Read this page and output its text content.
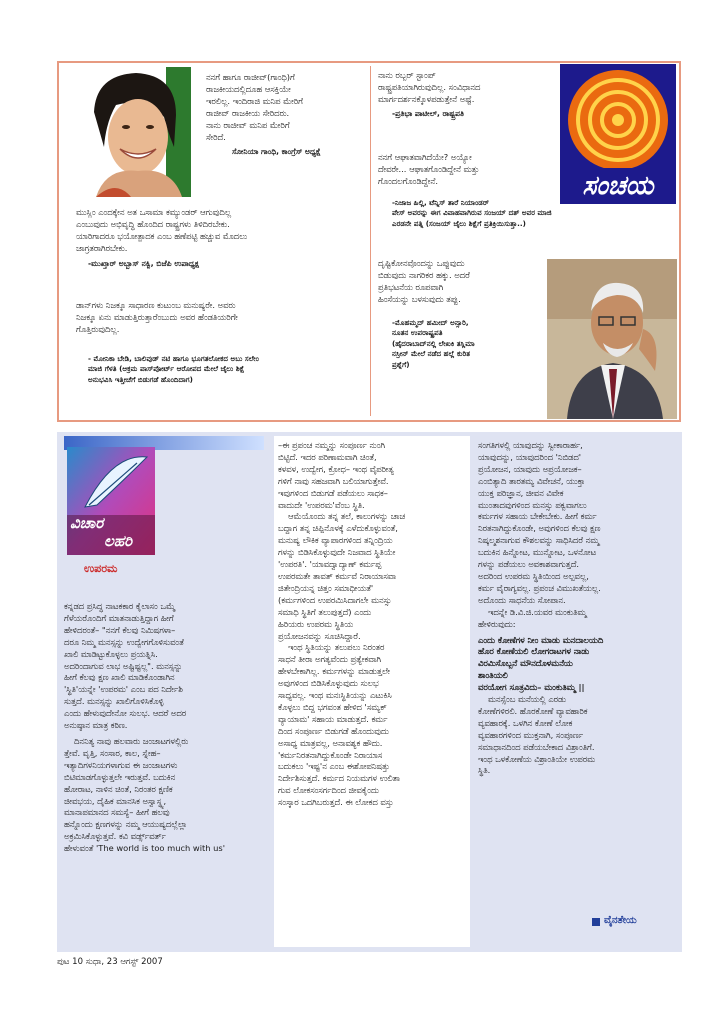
ನನಗೆ ಹಾಗೂ ರಾಜೀವ್(ಗಾಂಧಿ)ಗೆ
ರಾಜಕೀಯದಲ್ಲಿದೂಹ ಆಸಕ್ತಿಯೇ
ಇರಲಿಲ್ಲ. ಇಂದಿರಾಜಿ ಮನಿಪ ಮೇರಿಗೆ
ರಾಜೀವ್ ರಾಜಕೀಯ ಸೇರಿದರು.
ನಾನು ರಾಜೀವ್ ಮನಿಪ ಮೇರಿಗೆ
ಸೇರಿದೆ.
ಸೋನಿಯಾ ಗಾಂಧಿ, ಕಾಂಗ್ರೆಸ್ ಅಧ್ಯಕ್ಷೆ
ಮುಸ್ಲಿಂ ಎಂದಕ್ಕೇನ ಅತ ಒಸಾಮಾ ಕಮ್ಯುಂಡರ್ ಆಗುವುದಿಲ್ಲ
ಎಂಬುವುದು ಅಭಿವೃದ್ಧಿ ಹೊಂದಿದ ರಾಷ್ಟ್ರಗಳು ತಿಳಿದಿರಬೇಕು.
ಯಾರಿಗಾದರೂ ಭಯೋತ್ಪಾದಕ ಎಂಬ ಹಣೆಪಟ್ಟಿ ಹಚ್ಚುವ ಮೊದಲು
ಜಾಗ್ರತರಾಗಿರಬೇಕು.
-ಮುಖ್ತಾರ್ ಅಬ್ಬಾಸ್ ನಕ್ವಿ, ಬಿಜೆಪಿ ಉಪಾಧ್ಯಕ್ಷ
ಡಾನ್‌ಗಳು ನಿಜಕ್ಕೂ ಸಾಧಾರಣ ಕುಟುಂಬ ಮನುಷ್ಯರೇ. ಅವರು
ನಿಜಕ್ಕೂ ಏನು ಮಾಡುತ್ತಿರುತ್ತಾರೆಂಬುದು ಅವರ ಹೆಂಡತಿಯರಿಗೇ
ಗೊತ್ತಿರುವುದಿಲ್ಲ.
- ಮೋನಿಕಾ ಬೇಡಿ, ಬಾಲಿವುಡ್ ನಟಿ ಹಾಗೂ ಭೂಗತಲೋಕದ ಅಬು ಸಲೇಂ
ಮಾಜಿ ಗೆಳತಿ (ಆಕ್ರಮ ಪಾಸ್‌ಪೋರ್ಟ್ ಆರೋಪದ ಮೇಲೆ ಜೈಲು ಶಿಕ್ಷೆ
ಅನುಭವಿಸಿ ಇತ್ತೀಚೆಗೆ ಬಿಡುಗಡೆ ಹೊಂದಿದಾಗ)
ನಾನು ರಬ್ಬರ್ ಸ್ಟಾಂಪ್
ರಾಷ್ಟ್ರಪತಿಯಾಗಿರುವುದಿಲ್ಲ. ಸಂವಿಧಾನದ
ಮಾರ್ಗದರ್ಶನಕ್ಕೊಳಪಡುತ್ತೇನೆ ಅಷ್ಟೆ.
-ಪ್ರತಿಭಾ ಪಾಟೀಲ್, ರಾಷ್ಟ್ರಪತಿ
ನನಗೆ ಆಘಾತವಾಗಿದೆಯೇ? ಅಯ್ಯೋ
ದೇವರೇ... ಆಘಾತಗೊಂಡಿದ್ದೇನೆ ಮತ್ತು
ಗೊಂದಲಗೊಂಡಿದ್ದೇನೆ.
-ನಿಜಾಜ ಹಿಲ್ಲಿ, ಟೆನ್ನಿಸ್ ತಾರೆ ನಿಯಾಂಡರ್
ಪೇಸ್ ಅವರನ್ನು ಈಗ ವಿವಾಹವಾಗಿರುವ ಸಂಜಯ್ ದತ್ ಅವರ ಮಾಜಿ
ಎರಡನೇ ಪತ್ನಿ (ಸಂಜಯ್ ಜೈಲು ಶಿಕ್ಷೆಗೆ ಪ್ರತಿಕ್ರಿಯಿಸುತ್ತಾ..)
ಸಂಚಯ
ದೃಷ್ಟಿಕೋನವೊಂದನ್ನು ಒಪ್ಪುವುದು
ಬಿಡುವುದು ನಾಗರಿಕರ ಹಕ್ಕು. ಅದರೆ
ಪ್ರತಿಭಟನೆಯ ರೂಪವಾಗಿ
ಹಿಂಸೆಯನ್ನು ಬಳಸುವುದು ತಪ್ಪು.
-ಮೊಹಮ್ಮದ್ ಹಮೀದ್ ಅನ್ಸಾರಿ,
ನೂತನ ಉಪರಾಷ್ಟ್ರಪತಿ
(ಹೈದರಾಬಾದ್‌ನಲ್ಲಿ ಲೇಖಕಿ ತಸ್ಲಿಮಾ
ನಸ್ರೀನ್ ಮೇಲೆ ನಡೆದ ಹಲ್ಲೆ ಕುರಿತ
ಪ್ರಶ್ನೆಗೆ)
ವಿಚಾರ
ಲಹರಿ
ಉಪರಮ
ಕನ್ನಡದ ಪ್ರಸಿದ್ಧ ನಾಟಕಕಾರ ಕೈಲಾಸಂ ಒಮ್ಮೆ
ಗೆಳೆಯರೊಂದಿಗೆ ಮಾತನಾಡುತ್ತಿದ್ದಾಗ ಹೀಗೆ
ಹೇಳಿದರಂತೆ– "ನನಗೆ ಕೆಲವು ನಿಮಿಷಗಳಾ–
ದರೂ ನಿಮ್ಮ ಮನಸ್ಸನ್ನು ಉದ್ವೇಗಗೊಳಿಸುವಂತೆ
ಖಾಲಿ ಮಾಡಿಟ್ಟುಕೊಳ್ಳಲು ಪ್ರಯತ್ನಿಸಿ.
ಅದರಿಂದಾಗುವ ಲಾಭ ಅಷ್ಟಿಷ್ಟಲ್ಲ". ಮನಸ್ಸನ್ನು
ಹೀಗೆ ಕೆಲವು ಕ್ಷಣ ಖಾಲಿ ಮಾಡಿಕೊಂಡಾಗಿನ
'ಸ್ಥಿತಿ'ಯನ್ನೇ 'ಉಪರಮ' ಎಂಬ ಪದ ನಿರ್ದೇಶಿ
ಸುತ್ತದೆ. ಮನಸ್ಸನ್ನು ಖಾಲಿಗೊಳಿಸಿಕೊಳ್ಳಿ
ಎಂದು ಹೇಳುವುದೇನೋ ಸುಲಭ. ಆದರೆ ಅದರ
ಅನುಷ್ಠಾನ ಮಾತ್ರ ಕಠಿಣ.
ದಿನನಿತ್ಯ ನಾವು ಹಲವಾರು ಜಂಜಾಟಗಳಲ್ಲಿರು
ತ್ತೇವೆ. ವೃತ್ತಿ, ಸಂಸಾರ, ಕಾಲ, ಸ್ನೇಹ–
ಇತ್ಯಾದಿಗಳನಿಯಗಳಾಗುವ ಈ ಜಂಜಾಟಗಳು
ಬಿಟಿಮಾಡಗೊಳ್ಳುತ್ತಲೇ ಇರುತ್ತವೆ. ಬದುಕಿನ
ಹೋರಾಟ, ನಾಳಿನ ಚಿಂತೆ, ನಿರಂತರ ಕ್ಷಣಿಕ
ಜೀವಭಯ, ದೈಹಿಕ ಮಾನಸಿಕ ಅಸ್ವಾಸ್ಥ್ಯ,
ಮಾನಾಪಮಾನದ ಸಮಸ್ಯೆ– ಹೀಗೆ ಹಲವು
ಹನ್ನೊಂದು ಕ್ಷಣಗಳನ್ನು ನಮ್ಮ ಆಯುಷ್ಯದಲ್ಲೆಲ್ಲಾ
ಅಕ್ರಮಿಸಿಕೊಳ್ಳುತ್ತವೆ. ಕವಿ ವರ್ಡ್ಸ್‌ವರ್ತ್
ಹೇಳುವಂತೆ 'The world is too much with us'
–ಈ ಪ್ರಪಂಚ ನಮ್ಮನ್ನು ಸಂಪೂರ್ಣ ನುಂಗಿ
ಬಿಟ್ಟಿದೆ. ಇದರ ಪರಿಣಾಮವಾಗಿ ಚಿಂತೆ,
ಕಳವಳ, ಉದ್ವೇಗ, ಕ್ರೋಧ– ಇಂಥ ವೈಪರೀತ್ಯ
ಗಳಿಗೆ ನಾವು ಸಹಜವಾಗಿ ಬಲಿಯಾಗುತ್ತೇವೆ.
ಇವುಗಳಿಂದ ಬಿಡುಗಡೆ ಪಡೆಯಲು ಸಾಧಕ–
ವಾದುದೇ 'ಉಪರಮ'ವೆಂಬ ಸ್ಥಿತಿ.
ಆಮೆಯೊಂದು ತನ್ನ ತಲೆ, ಕಾಲುಗಳನ್ನು ಚಾಚ
ಬದ್ದಾಗ ತನ್ನ ಚಿಪ್ಪಿನೊಳಕ್ಕೆ ಎಳೆದುಕೊಳ್ಳುವಂತೆ,
ಮನುಷ್ಯ ಲೌಕಿಕ ವ್ಯಾಪಾರಗಳಿಂದ ತನ್ನಿಂದ್ರಿಯ
ಗಳನ್ನು ಬಿಡಿಸಿಕೊಳ್ಳುವುದೇ ನಿಜವಾದ ಸ್ಥಿತಿಯೇ
'ಉಪರತಿ'. 'ಯಾವದ್ವಾದ್ಯಾಣ್ ಕರ್ಮಪ್ಪ
ಉಪರಮತೇ ತಾವತ್ ಕರ್ಮವೆ ನಿರಾಯಾಸವಾ
ಜಿತೇಂದ್ರಿಯನ್ನ ಚಿತ್ತಂ ಸಮಾಧೀಯತೆ'
(ಕರ್ಮಗಳಿಂದ ಉಪರಮಿಸಿದಾಗಲೇ ಮನಸ್ಸು
ಸಮಾಧಿ ಸ್ಥಿತಿಗೆ ತಲುಪುತ್ತದೆ) ಎಂದು
ಹಿರಿಯರು ಉಪರಮ ಸ್ಥಿತಿಯ
ಪ್ರಯೋಜನವನ್ನು ಸೂಚಿಸಿದ್ದಾರೆ.
ಇಂಥ ಸ್ಥಿತಿಯನ್ನು ತಲುಪಲು ನಿರಂತರ
ಸಾಧನೆ ತೀರಾ ಅಗತ್ಯವೆಂದು ಪ್ರತ್ಯೇಕವಾಗಿ
ಹೇಳಬೇಕಾಗಿಲ್ಲ. ಕರ್ಮಗಳನ್ನು ಮಾಡುತ್ತಲೇ
ಅವುಗಳಿಂದ ಬಿಡಿಸಿಕೊಳ್ಳುವುದು ಸುಲಭ
ಸಾಧ್ಯವಲ್ಲ. ಇಂಥ ಮನಃಸ್ಥಿತಿಯನ್ನು ಎಟುಕಿಸಿ
ಕೊಳ್ಳಲು ಬಿದ್ದ ಭಗವಂತ ಹೇಳಿದ 'ಸಮ್ಯಕ್
ವ್ಯಾಯಾಮ' ಸಹಾಯ ಮಾಡುತ್ತದೆ. ಕರ್ಮ
ದಿಂದ ಸಂಪೂರ್ಣ ಬಿಡುಗಡೆ ಹೊಂದುವುದು
ಅಸಾಧ್ಯ ಮಾತ್ರವಲ್ಲ, ಅನಾವಶ್ಯಕ ಹೌದು.
'ಕರ್ಮನಿರತನಾಗಿದ್ದುಕೊಂಡೇ ನಿರಾಯಾಸ
ಬದುಕಲು 'ಇಷ್ಟ'ನ ಎಂಬ ಈಶೋಪನಿಷತ್ತು
ನಿರ್ದೇಶಿಸುತ್ತದೆ. ಕರ್ಮದ ನಿಯಮಗಳ ಉಲಿತಾ
ಗುವ ಲೋಕಸಂಸರ್ಗದಿಂದ ಜೀವಕೈಂದು
ಸಂಸ್ಕಾರ ಒದಗಿಬರುತ್ತದೆ. ಈ ಲೋಕದ ವಸ್ತು
ಸಂಗತಿಗಳಲ್ಲಿ ಯಾವುದನ್ನು ಸ್ವೀಕಾರಾರ್ಹ,
ಯಾವುದನ್ನು, ಯಾವುದರಿಂದ 'ನಿಬಿಡದ'
ಪ್ರಯೋಜನ, ಯಾವುದು ಅಪ್ರಯೋಜಕ–
ಎಂಬಿತ್ಯಾದಿ ತಾರತಮ್ಯ ವಿವೇಚನೆ, ಯುಕ್ತಾ
ಯುಕ್ತ ಪರಿಜ್ಞಾನ, ಜೀವನ ವಿವೇಕ
ಮುಂತಾದವುಗಳಿಂದ ಮನಸ್ಸು ಪಕ್ವವಾಗಲು
ಕರ್ಮಗಳ ಸಹಾಯ ಬೇಕೇಬೇಕು. ಹೀಗೆ ಕರ್ಮ
ನಿರತನಾಗಿದ್ದುಕೊಂಡೇ, ಅವುಗಳಿಂದ ಕೆಲವು ಕ್ಷಣ
ನಿಷ್ಕಲ್ಮಶನಾಗುವ ಕೌಶಲವನ್ನು ಸಾಧಿಸಿದರೆ ನಮ್ಮ
ಬದುಕಿನ ಹಿನ್ನೋಟ, ಮುನ್ನೋಟ, ಒಳನೋಟ
ಗಳನ್ನು ಪಡೆಯಲು ಅವಕಾಶವಾಗುತ್ತದೆ.
ಅದರಿಂದ ಉಪರಮ ಸ್ಥಿತಿಯಿಂದ ಅಲ್ಪವಲ್ಲ,
ಕರ್ಮ ವೈರಾಗ್ಯವಲ್ಲ. ಪ್ರಪಂಚ ವಿಮುಖತೆಯಲ್ಲ.
ಅದೊಂದು ಸಾಧನೆಯ ಸೋಪಾನ.
ಇದನ್ನೇ ಡಿ.ವಿ.ಜಿ.ಯವರ ಮಂಕುತಿಮ್ಮ
ಹೇಳಿರುವುದು:
ಎಂದು ಕೋಣೆಗಳ ನೀಂ ಮಾಡು ಮನದಾಲಯದಿ
ಹೊರ ಕೋಣೆಯಲಿ ಲೋಗರಾಟಗಳ ನಾಡು
ವಿರಮಿಸೊಬ್ಬನೆ ಮೌನದೊಳಮನೆಯ
ಶಾಂತಿಯಲಿ
ವರಯೋಗ ಸೂತ್ರವಿದು– ಮಂಕುತಿಮ್ಮ ||
ಮನಸ್ಸೆಂಬ ಮನೆಯಲ್ಲಿ ಎರಡು
ಕೋಣೆಗಳಿರಲಿ. ಹೊರಕೋಣೆ ವ್ಯಾವಹಾರಿಕ
ವ್ಯವಹಾರಕ್ಕೆ. ಒಳಗಿನ ಕೋಣೆ ಲೋಕ
ವ್ಯವಹಾರಗಳಿಂದ ಮುಕ್ತನಾಗಿ, ಸಂಪೂರ್ಣ
ಸಮಾಧಾನದಿಂದ ಪಡೆಯಬೇಕಾದ ವಿಶ್ರಾಂತಿಗೆ.
ಇಂಥ ಒಳಕೋಣೆಯ ವಿಶ್ರಾಂತಿಯೇ ಉಪರಮ
ಸ್ಥಿತಿ.
ವೈನತೇಯ
ಪುಟ 10 ಸುಧಾ, 23 ಆಗಸ್ಟ್ 2007
